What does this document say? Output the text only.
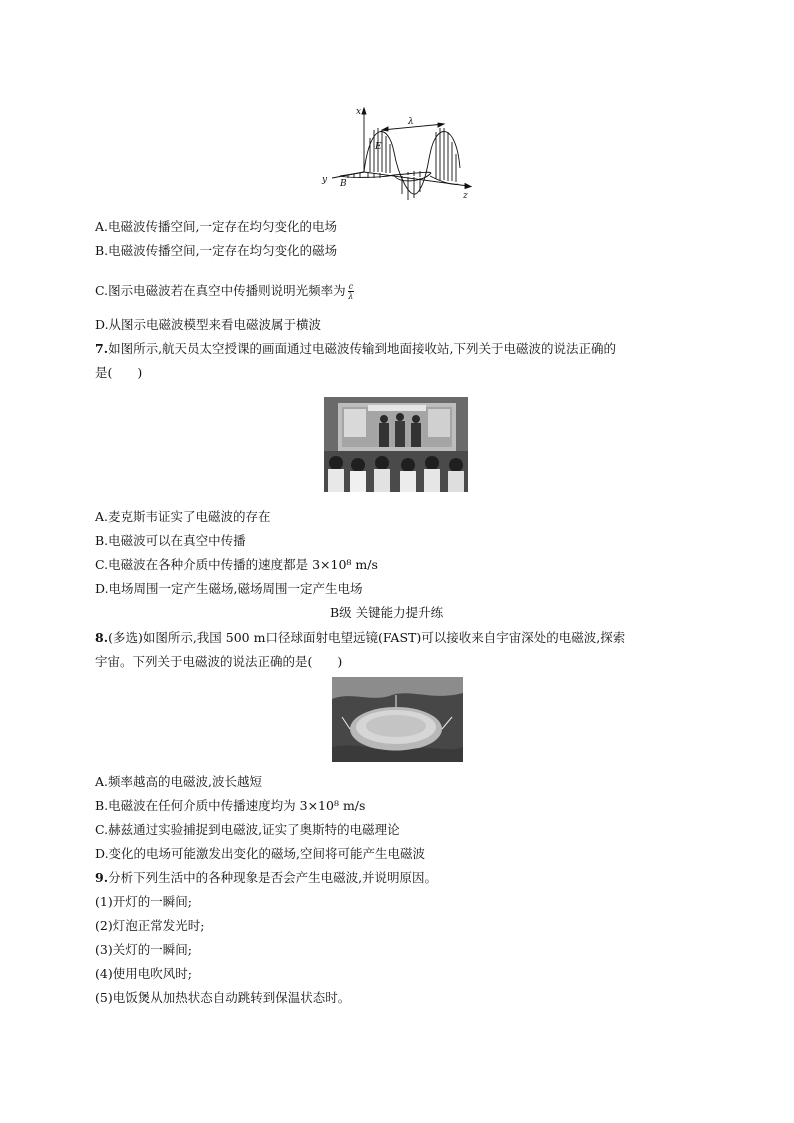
x
y
z
E
B
λ
A.电磁波传播空间,一定存在均匀变化的电场
B.电磁波传播空间,一定存在均匀变化的磁场
C.图示电磁波若在真空中传播则说明光频率为 $\frac{c}{\lambda}$
D.从图示电磁波模型来看电磁波属于横波
7.如图所示,航天员太空授课的画面通过电磁波传输到地面接收站,下列关于电磁波的说法正确的
是(　　)
A.麦克斯韦证实了电磁波的存在
B.电磁波可以在真空中传播
C.电磁波在各种介质中传播的速度都是 3×10⁸ m/s
D.电场周围一定产生磁场,磁场周围一定产生电场
B级 关键能力提升练
8.(多选)如图所示,我国 500 m口径球面射电望远镜(FAST)可以接收来自宇宙深处的电磁波,探索
宇宙。下列关于电磁波的说法正确的是(　　)
A.频率越高的电磁波,波长越短
B.电磁波在任何介质中传播速度均为 3×10⁸ m/s
C.赫兹通过实验捕捉到电磁波,证实了奥斯特的电磁理论
D.变化的电场可能激发出变化的磁场,空间将可能产生电磁波
9.分析下列生活中的各种现象是否会产生电磁波,并说明原因。
(1)开灯的一瞬间;
(2)灯泡正常发光时;
(3)关灯的一瞬间;
(4)使用电吹风时;
(5)电饭煲从加热状态自动跳转到保温状态时。
